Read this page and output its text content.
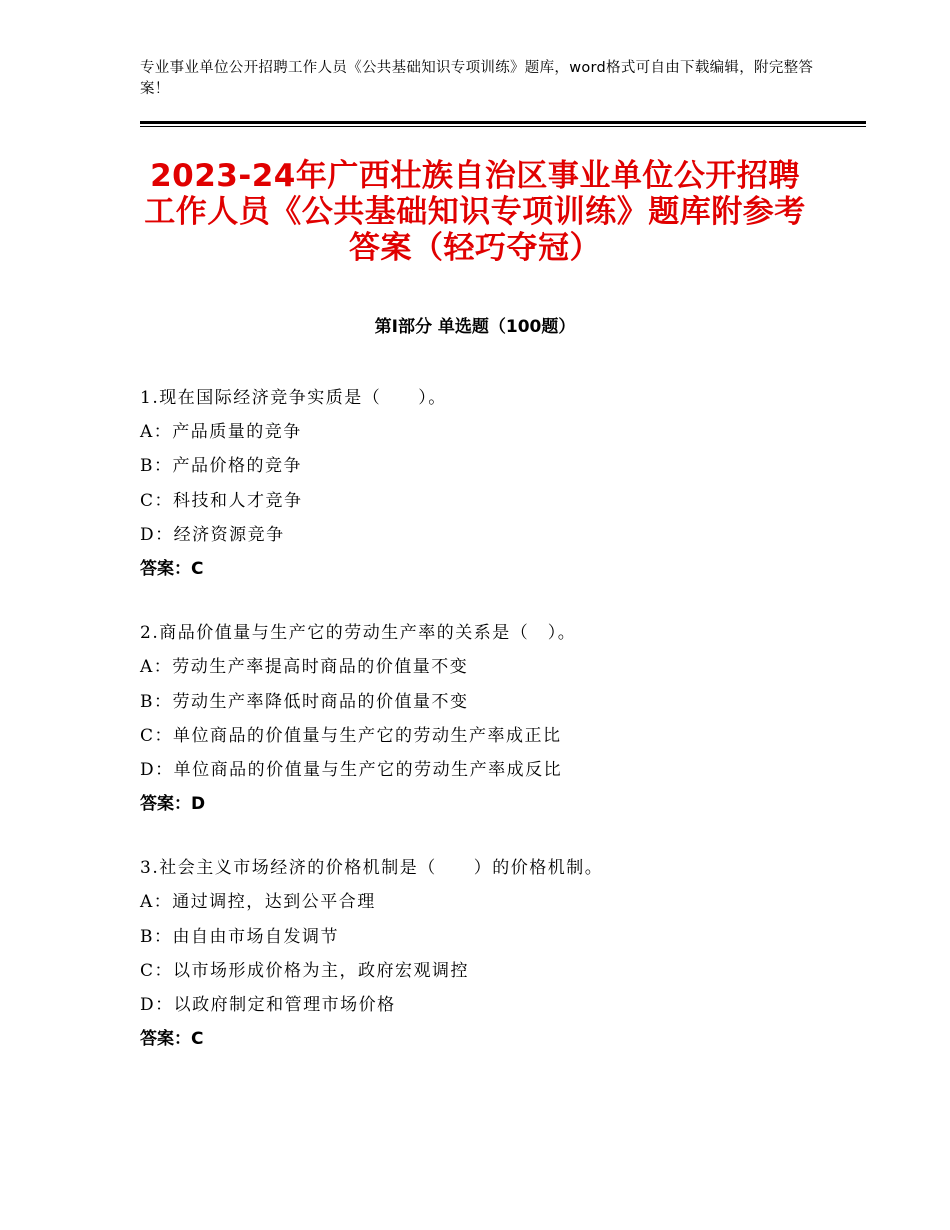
专业事业单位公开招聘工作人员《公共基础知识专项训练》题库，word格式可自由下载编辑，附完整答案！
2023-24年广西壮族自治区事业单位公开招聘工作人员《公共基础知识专项训练》题库附参考答案（轻巧夺冠）
第Ⅰ部分 单选题（100题）
1.现在国际经济竞争实质是（　　）。
A：产品质量的竞争
B：产品价格的竞争
C：科技和人才竞争
D：经济资源竞争
答案：C
2.商品价值量与生产它的劳动生产率的关系是（　）。
A：劳动生产率提高时商品的价值量不变
B：劳动生产率降低时商品的价值量不变
C：单位商品的价值量与生产它的劳动生产率成正比
D：单位商品的价值量与生产它的劳动生产率成反比
答案：D
3.社会主义市场经济的价格机制是（　　）的价格机制。
A：通过调控，达到公平合理
B：由自由市场自发调节
C：以市场形成价格为主，政府宏观调控
D：以政府制定和管理市场价格
答案：C
